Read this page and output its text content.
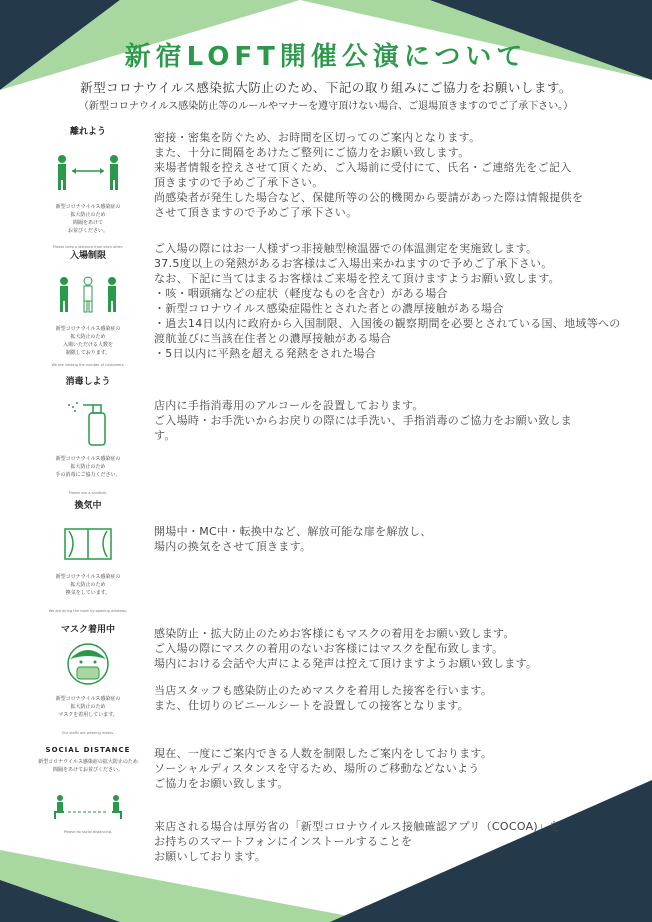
新宿LOFT開催公演について
新型コロナウイルス感染拡大防止のため、下記の取り組みにご協力をお願いします。
（新型コロナウイルス感染防止等のルールやマナーを遵守頂けない場合、ご退場頂きますのでご了承下さい。）
離れよう
新型コロナウイルス感染症の
拡大防止のため
間隔をあけて
お並びください。
Please keep a distance from each other.

密接・密集を防ぐため、お時間を区切ってのご案内となります。

また、十分に間隔をあけたご整列にご協力をお願い致します。

来場者情報を控えさせて頂くため、ご入場前に受付にて、氏名・ご連絡先をご記入

頂きますので予めご了承下さい。

尚感染者が発生した場合など、保健所等の公的機関から要請があった際は情報提供を

させて頂きますので予めご了承下さい。

入場制限
新型コロナウイルス感染症の
拡大防止のため
入場いただける人数を
制限しております。
We are limiting the number of customers.

ご入場の際にはお一人様ずつ非接触型検温器での体温測定を実施致します。

37.5度以上の発熱があるお客様はご入場出来かねますので予めご了承下さい。

なお、下記に当てはまるお客様はご来場を控えて頂けますようお願い致します。

・咳・咽頭痛などの症状（軽度なものを含む）がある場合

・新型コロナウイルス感染症陽性とされた者との濃厚接触がある場合

・過去14日以内に政府から入国制限、入国後の観察期間を必要とされている国、地域等への

渡航並びに当該在住者との濃厚接触がある場合

・5日以内に平熱を超える発熱をされた場合

消毒しよう
新型コロナウイルス感染症の
拡大防止のため
手の消毒にご協力ください。
Please use a sanitizer.

店内に手指消毒用のアルコールを設置しております。

ご入場時・お手洗いからお戻りの際には手洗い、手指消毒のご協力をお願い致しま

す。

換気中
新型コロナウイルス感染症の
拡大防止のため
換気をしています。
We are airing the room by opening windows.

開場中・MC中・転換中など、解放可能な扉を解放し、

場内の換気をさせて頂きます。

マスク着用中
新型コロナウイルス感染症の
拡大防止のため
マスクを着用しています。
Our staffs are wearing masks.

感染防止・拡大防止のためお客様にもマスクの着用をお願い致します。

ご入場の際にマスクの着用のないお客様にはマスクを配布致します。

場内における会話や大声による発声は控えて頂けますようお願い致します。

当店スタッフも感染防止のためマスクを着用した接客を行います。

また、仕切りのビニールシートを設置しての接客となります。

SOCIAL DISTANCE
新型コロナウイルス感染症の拡大防止のため
間隔をあけてお並びください。
Please do social distancing.

現在、一度にご案内できる人数を制限したご案内をしております。

ソーシャルディスタンスを守るため、場所のご移動などないよう

ご協力をお願い致します。

来店される場合は厚労省の「新型コロナウイルス接触確認アプリ（COCOA)」を

お持ちのスマートフォンにインストールすることを

お願いしております。
